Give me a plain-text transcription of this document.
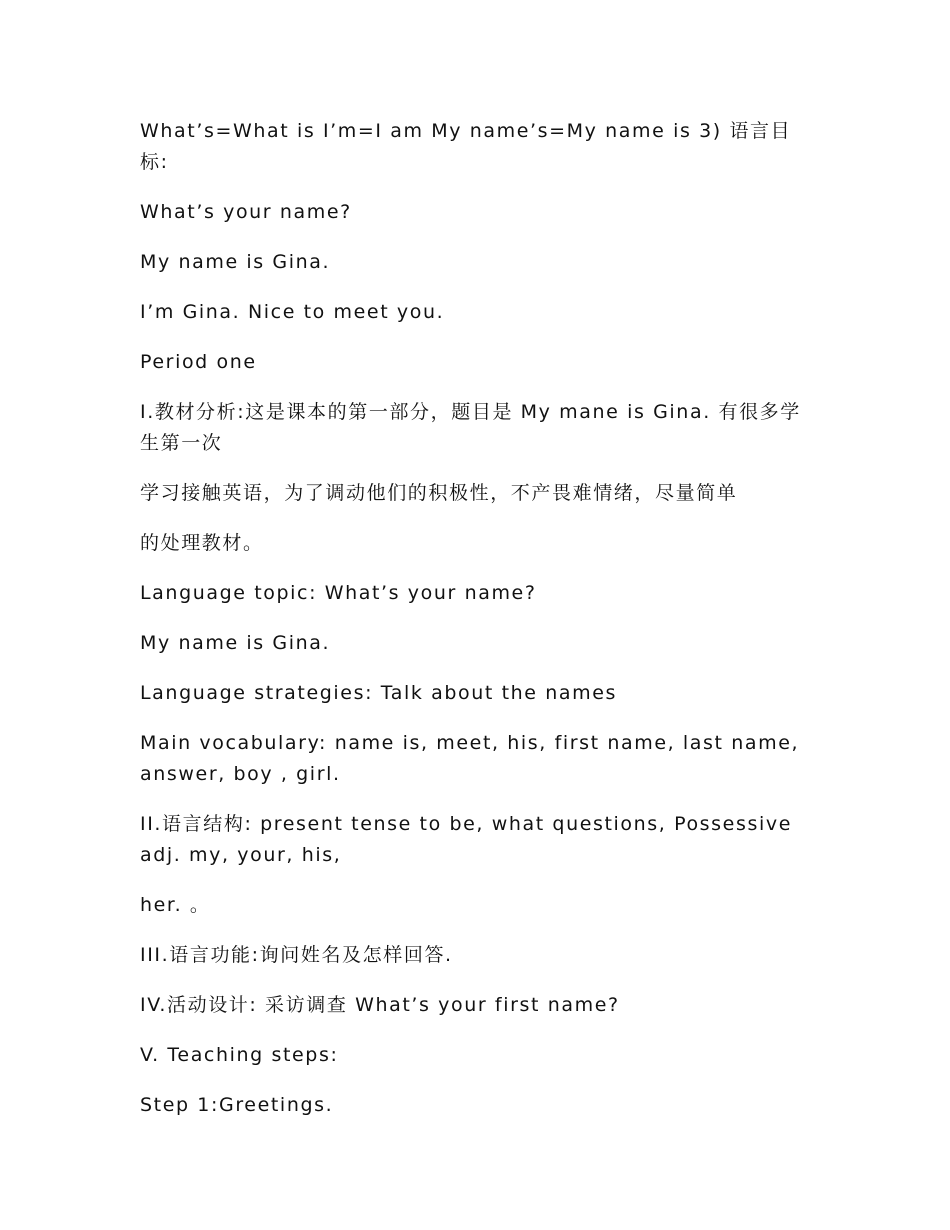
What’s=What is I’m=I am My name’s=My name is 3) 语言目标:

What’s your name?

My name is Gina.

I’m Gina. Nice to meet you.

Period one

I.教材分析:这是课本的第一部分，题目是 My mane is Gina. 有很多学生第一次

学习接触英语，为了调动他们的积极性，不产畏难情绪，尽量简单

的处理教材。

Language topic: What’s your name?

My name is Gina.

Language strategies: Talk about the names

Main vocabulary: name is, meet, his, first name, last name, answer, boy , girl.

II.语言结构: present tense to be, what questions, Possessive adj. my, your, his,

her. 。

III.语言功能:询问姓名及怎样回答.

IV.活动设计: 采访调查 What’s your first name?

V. Teaching steps:

Step 1:Greetings.
